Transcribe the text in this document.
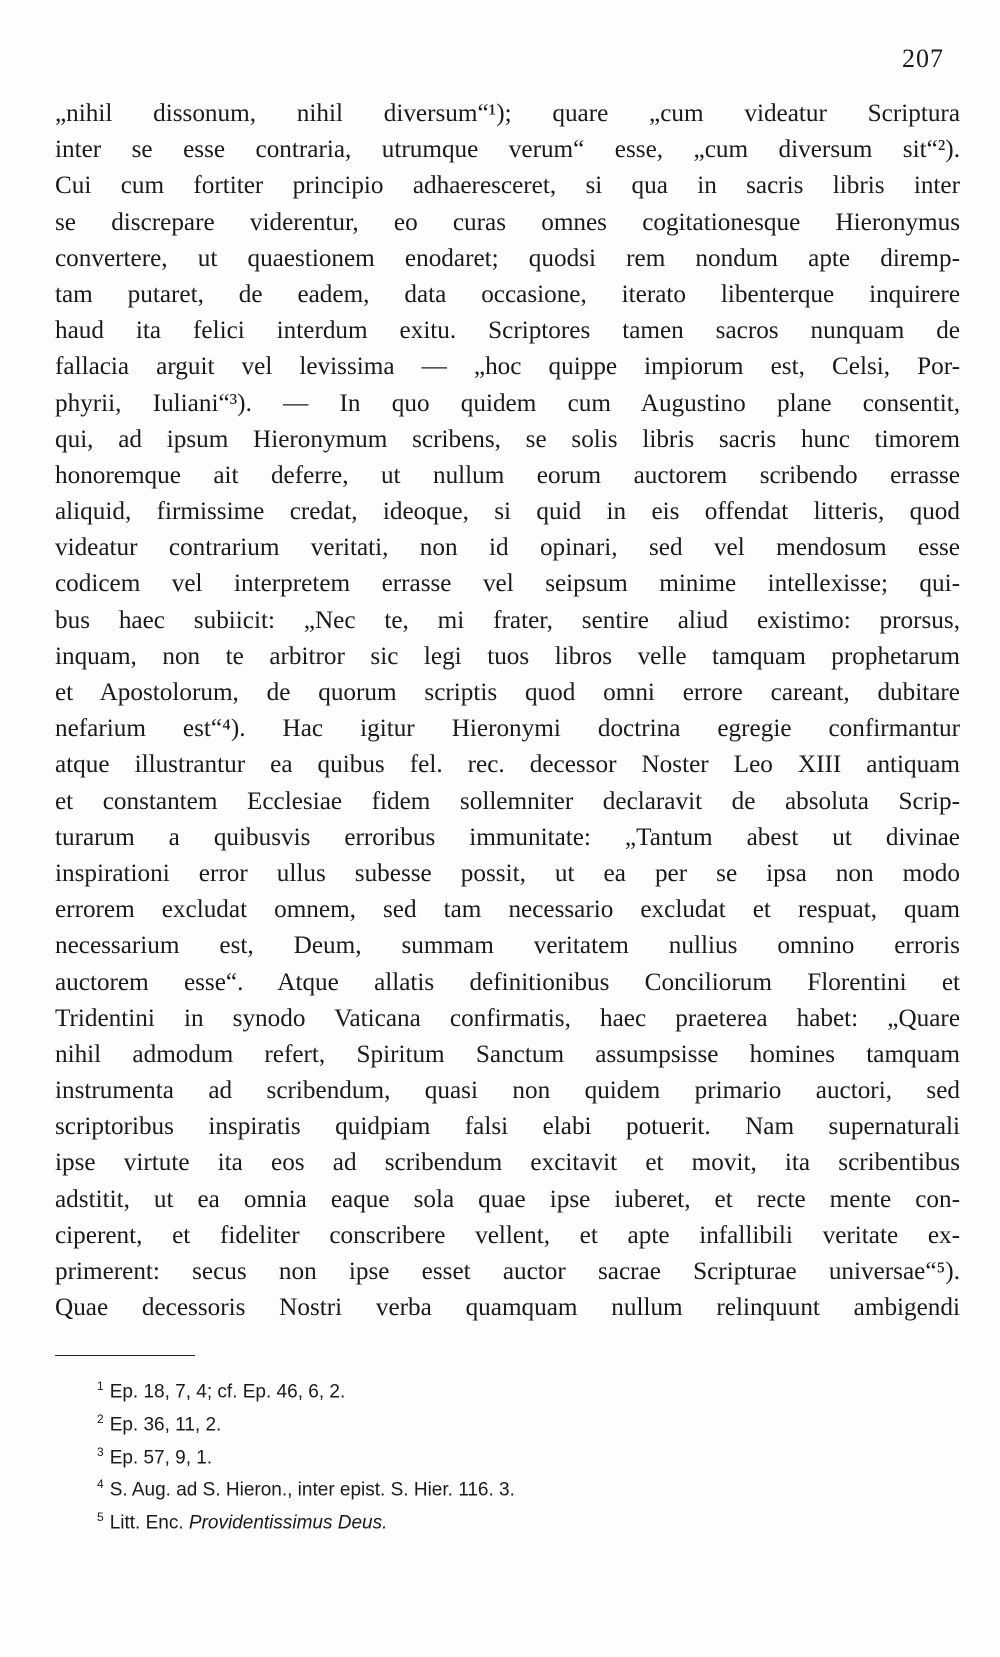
207
„nihil dissonum, nihil diversum“¹); quare „cum videatur Scriptura
inter se esse contraria, utrumque verum“ esse, „cum diversum sit“²).
Cui cum fortiter principio adhaeresceret, si qua in sacris libris inter
se discrepare viderentur, eo curas omnes cogitationesque Hieronymus
convertere, ut quaestionem enodaret; quodsi rem nondum apte diremp-
tam putaret, de eadem, data occasione, iterato libenterque inquirere
haud ita felici interdum exitu. Scriptores tamen sacros nunquam de
fallacia arguit vel levissima — „hoc quippe impiorum est, Celsi, Por-
phyrii, Iuliani“³). — In quo quidem cum Augustino plane consentit,
qui, ad ipsum Hieronymum scribens, se solis libris sacris hunc timorem
honoremque ait deferre, ut nullum eorum auctorem scribendo errasse
aliquid, firmissime credat, ideoque, si quid in eis offendat litteris, quod
videatur contrarium veritati, non id opinari, sed vel mendosum esse
codicem vel interpretem errasse vel seipsum minime intellexisse; qui-
bus haec subiicit: „Nec te, mi frater, sentire aliud existimo: prorsus,
inquam, non te arbitror sic legi tuos libros velle tamquam prophetarum
et Apostolorum, de quorum scriptis quod omni errore careant, dubitare
nefarium est“⁴). Hac igitur Hieronymi doctrina egregie confirmantur
atque illustrantur ea quibus fel. rec. decessor Noster Leo XIII antiquam
et constantem Ecclesiae fidem sollemniter declaravit de absoluta Scrip-
turarum a quibusvis erroribus immunitate: „Tantum abest ut divinae
inspirationi error ullus subesse possit, ut ea per se ipsa non modo
errorem excludat omnem, sed tam necessario excludat et respuat, quam
necessarium est, Deum, summam veritatem nullius omnino erroris
auctorem esse“. Atque allatis definitionibus Conciliorum Florentini et
Tridentini in synodo Vaticana confirmatis, haec praeterea habet: „Quare
nihil admodum refert, Spiritum Sanctum assumpsisse homines tamquam
instrumenta ad scribendum, quasi non quidem primario auctori, sed
scriptoribus inspiratis quidpiam falsi elabi potuerit. Nam supernaturali
ipse virtute ita eos ad scribendum excitavit et movit, ita scribentibus
adstitit, ut ea omnia eaque sola quae ipse iuberet, et recte mente con-
ciperent, et fideliter conscribere vellent, et apte infallibili veritate ex-
primerent: secus non ipse esset auctor sacrae Scripturae universae“⁵).
Quae decessoris Nostri verba quamquam nullum relinquunt ambigendi
$^1$ Ep. 18, 7, 4; cf. Ep. 46, 6, 2.
$^2$ Ep. 36, 11, 2.
$^3$ Ep. 57, 9, 1.
$^4$ S. Aug. ad S. Hieron., inter epist. S. Hier. 116. 3.
$^5$ Litt. Enc. Providentissimus Deus.
